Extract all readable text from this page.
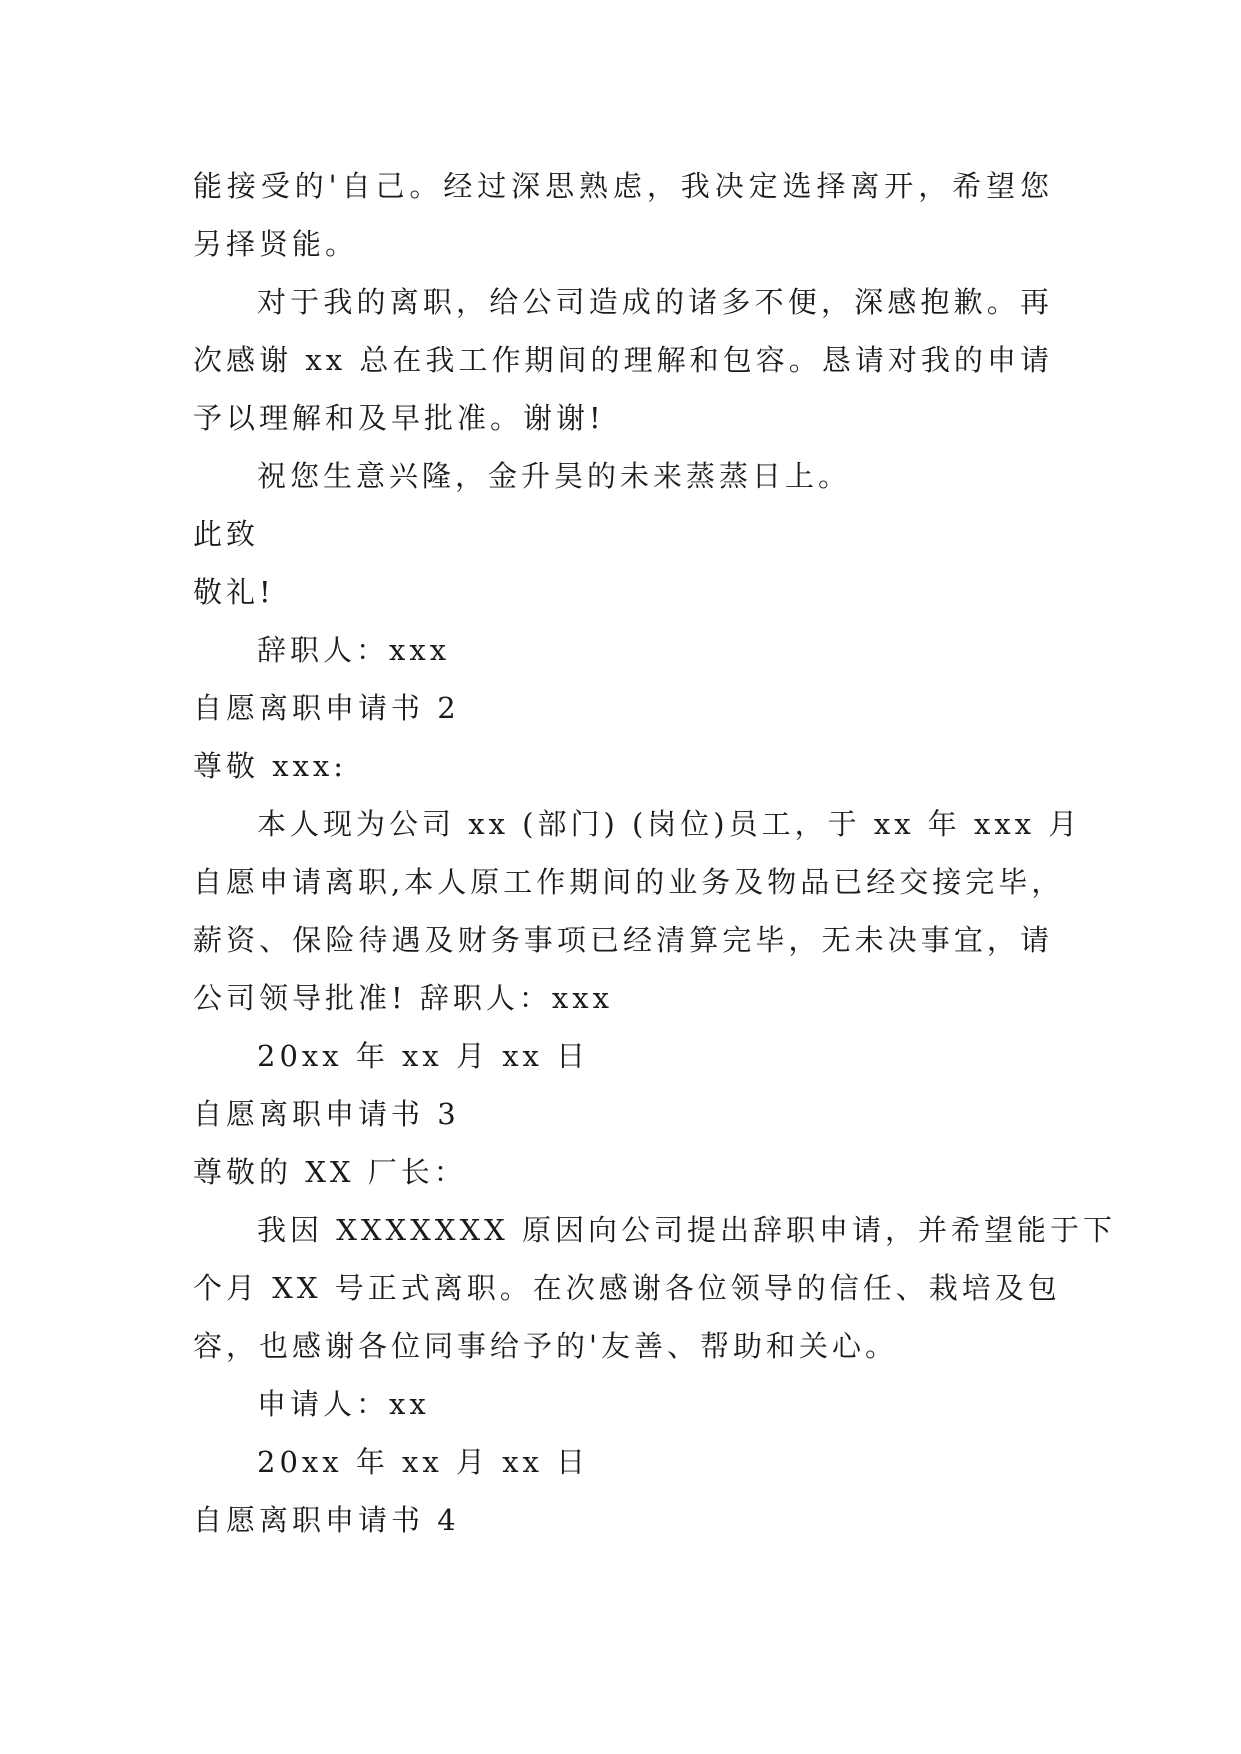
能接受的'自己。经过深思熟虑，我决定选择离开，希望您
另择贤能。
对于我的离职，给公司造成的诸多不便，深感抱歉。再
次感谢 xx 总在我工作期间的理解和包容。恳请对我的申请
予以理解和及早批准。谢谢!
祝您生意兴隆，金升昊的未来蒸蒸日上。
此致
敬礼!
辞职人：xxx
自愿离职申请书 2
尊敬 xxx:
本人现为公司 xx (部门) (岗位)员工，于 xx 年 xxx 月
自愿申请离职,本人原工作期间的业务及物品已经交接完毕，
薪资、保险待遇及财务事项已经清算完毕，无未决事宜，请
公司领导批准! 辞职人：xxx
20xx 年 xx 月 xx 日
自愿离职申请书 3
尊敬的 XX 厂长：
我因 XXXXXXX 原因向公司提出辞职申请，并希望能于下
个月 XX 号正式离职。在次感谢各位领导的信任、栽培及包
容，也感谢各位同事给予的'友善、帮助和关心。
申请人：xx
20xx 年 xx 月 xx 日
自愿离职申请书 4
